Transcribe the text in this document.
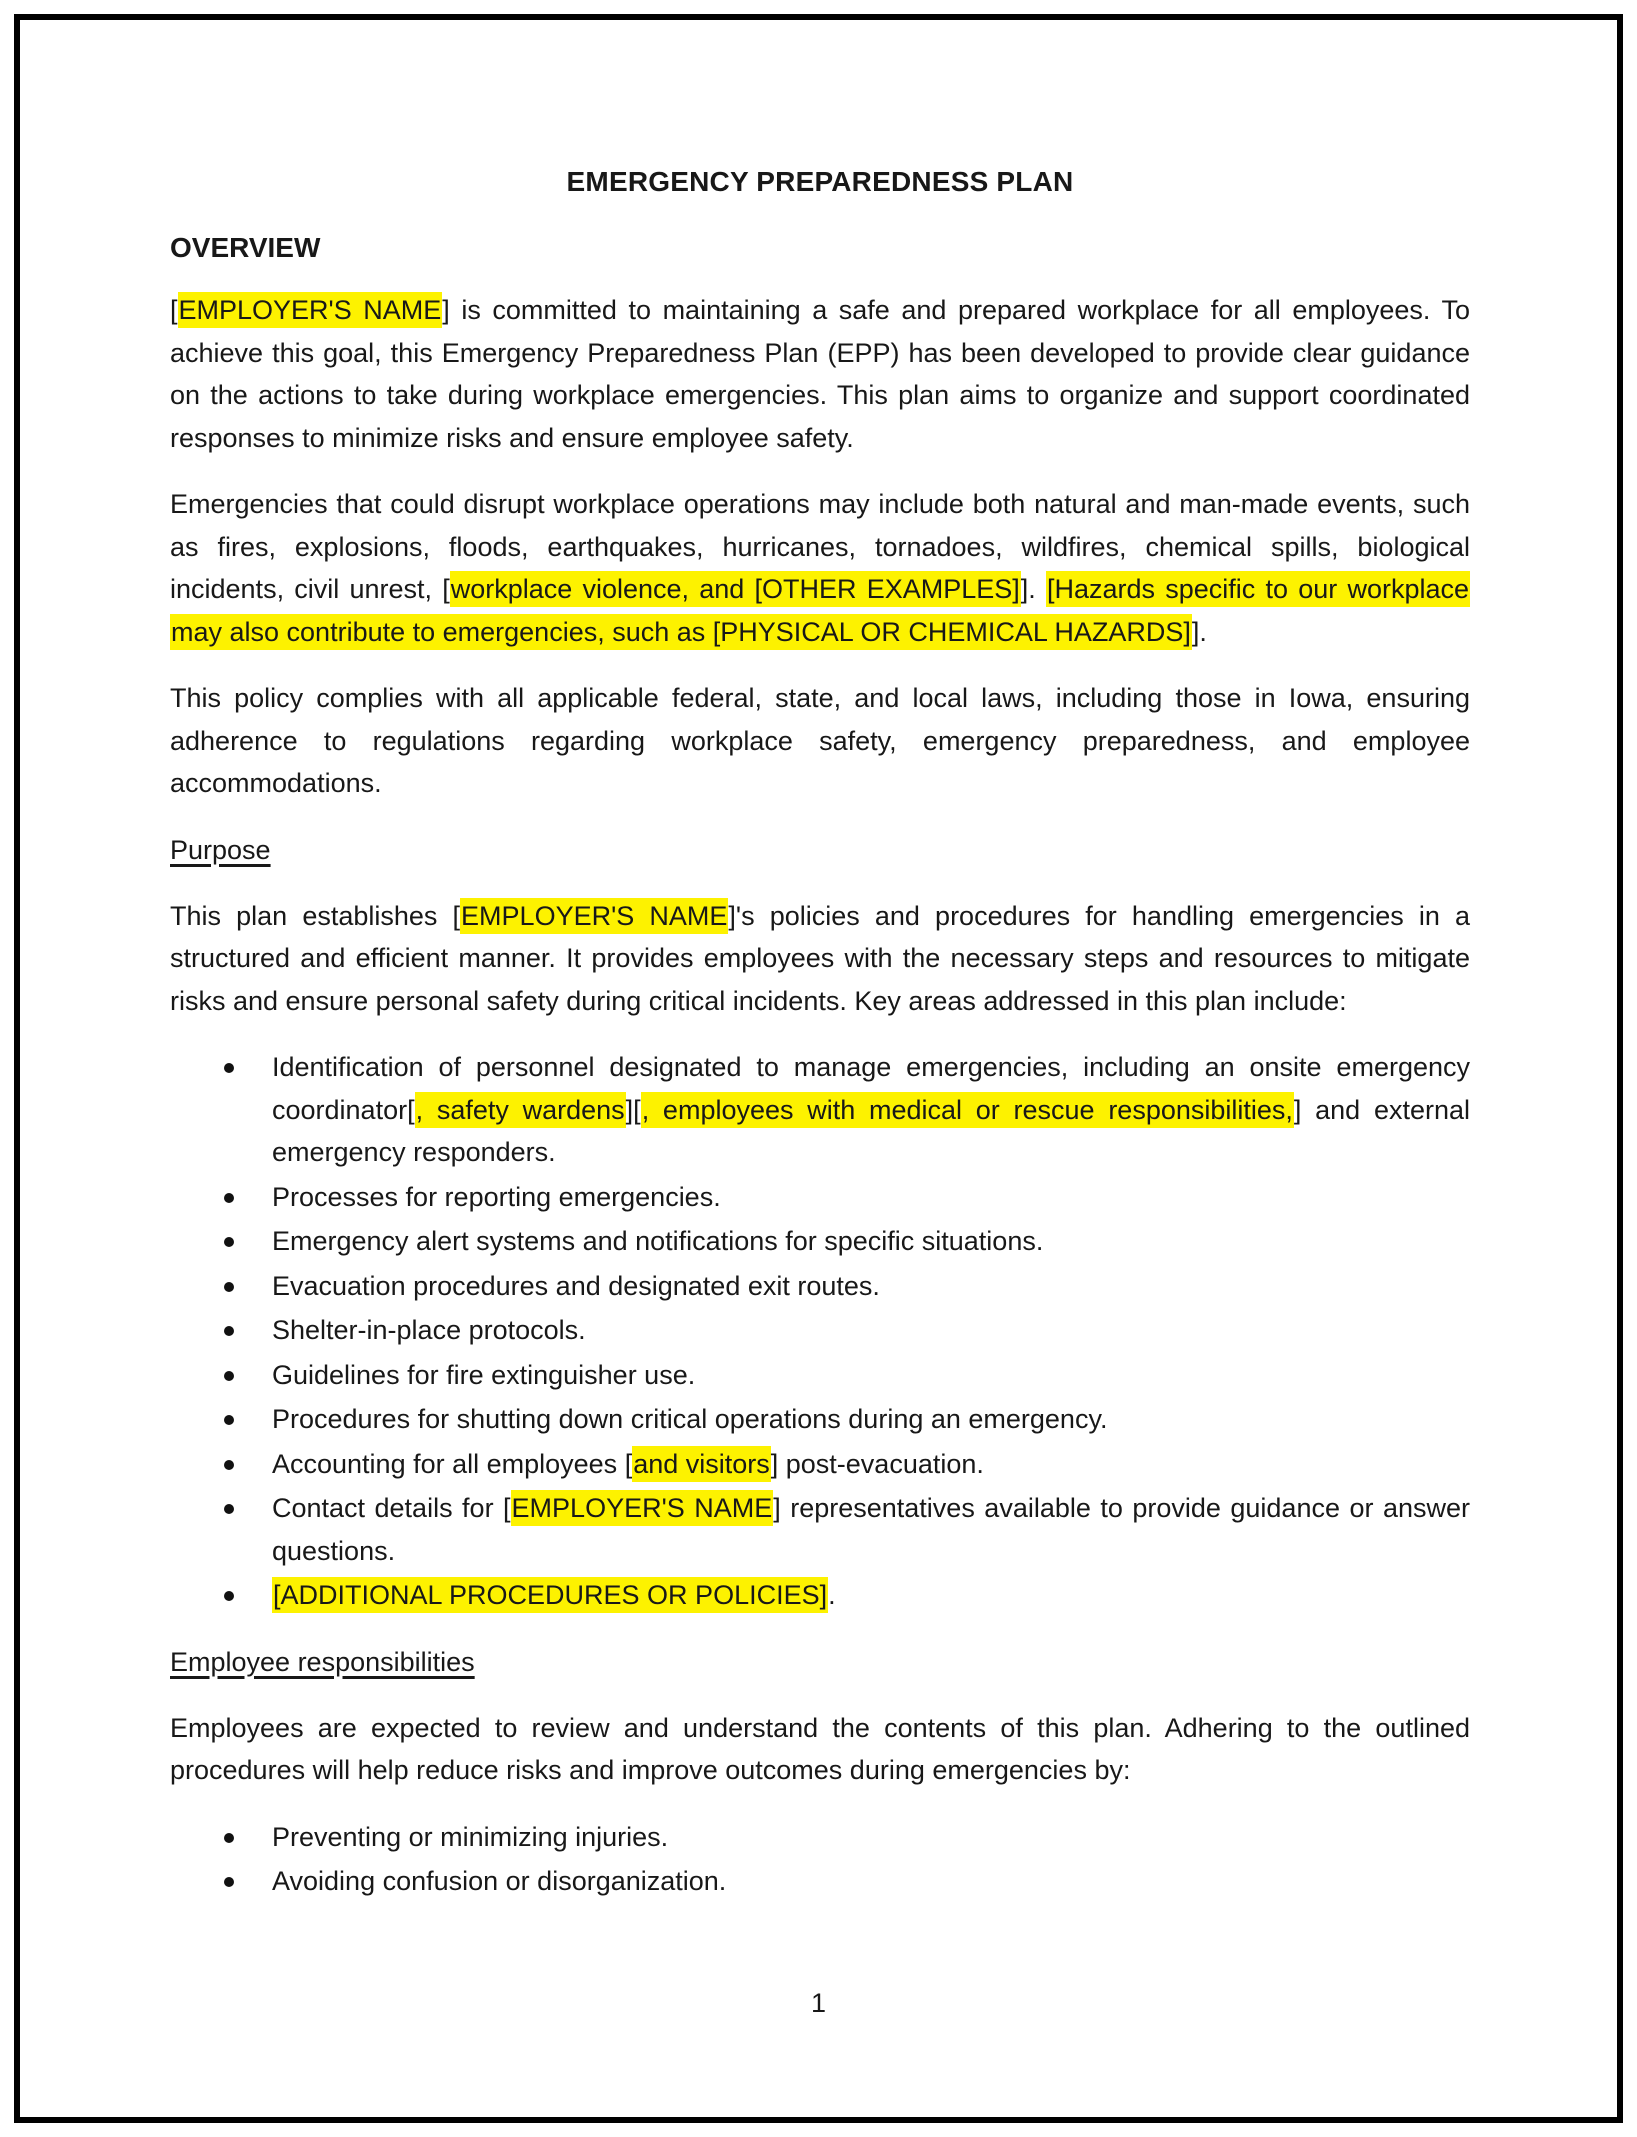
EMERGENCY PREPAREDNESS PLAN
OVERVIEW

[EMPLOYER'S NAME] is committed to maintaining a safe and prepared workplace for all employees. To achieve this goal, this Emergency Preparedness Plan (EPP) has been developed to provide clear guidance on the actions to take during workplace emergencies. This plan aims to organize and support coordinated responses to minimize risks and ensure employee safety.

Emergencies that could disrupt workplace operations may include both natural and man-made events, such as fires, explosions, floods, earthquakes, hurricanes, tornadoes, wildfires, chemical spills, biological incidents, civil unrest, [workplace violence, and [OTHER EXAMPLES]]. [Hazards specific to our workplace may also contribute to emergencies, such as [PHYSICAL OR CHEMICAL HAZARDS]].

This policy complies with all applicable federal, state, and local laws, including those in Iowa, ensuring adherence to regulations regarding workplace safety, emergency preparedness, and employee accommodations.

Purpose

This plan establishes [EMPLOYER'S NAME]'s policies and procedures for handling emergencies in a structured and efficient manner. It provides employees with the necessary steps and resources to mitigate risks and ensure personal safety during critical incidents. Key areas addressed in this plan include:

Identification of personnel designated to manage emergencies, including an onsite emergency coordinator[, safety wardens][, employees with medical or rescue responsibilities,] and external emergency responders.
Processes for reporting emergencies.
Emergency alert systems and notifications for specific situations.
Evacuation procedures and designated exit routes.
Shelter-in-place protocols.
Guidelines for fire extinguisher use.
Procedures for shutting down critical operations during an emergency.
Accounting for all employees [and visitors] post-evacuation.
Contact details for [EMPLOYER'S NAME] representatives available to provide guidance or answer questions.
[ADDITIONAL PROCEDURES OR POLICIES].
Employee responsibilities

Employees are expected to review and understand the contents of this plan. Adhering to the outlined procedures will help reduce risks and improve outcomes during emergencies by:

Preventing or minimizing injuries.
Avoiding confusion or disorganization.
1
